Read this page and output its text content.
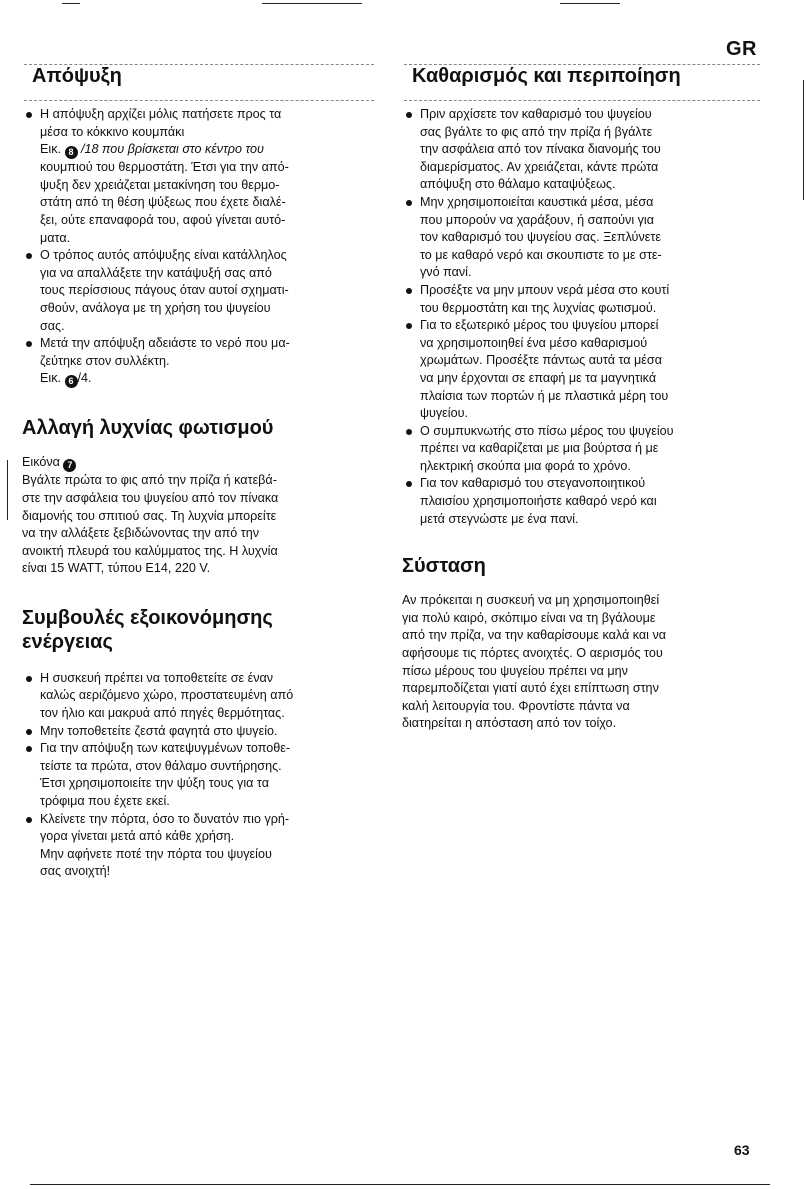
GR
Απόψυξη
Η απόψυξη αρχίζει μόλις πατήσετε προς τα
μέσα το κόκκινο κουμπάκι
Εικ. 8 /18 που βρίσκεται στο κέντρο του
κουμπιού του θερμοστάτη. Έτσι για την από-
ψυξη δεν χρειάζεται μετακίνηση του θερμο-
στάτη από τη θέση ψύξεως που έχετε διαλέ-
ξει, ούτε επαναφορά του, αφού γίνεται αυτό-
ματα.
Ο τρόπος αυτός απόψυξης είναι κατάλληλος
για να απαλλάξετε την κατάψυξή σας από
τους περίσσιους πάγους όταν αυτοί σχηματι-
σθούν, ανάλογα με τη χρήση του ψυγείου
σας.
Μετά την απόψυξη αδειάστε το νερό που μα-
ζεύτηκε στον συλλέκτη.
Εικ. 6 /4.
Αλλαγή λυχνίας φωτισμού
Εικόνα 7
Βγάλτε πρώτα το φις από την πρίζα ή κατεβά-
στε την ασφάλεια του ψυγείου από τον πίνακα
διαμονής του σπιτιού σας. Τη λυχνία μπορείτε
να την αλλάξετε ξεβιδώνοντας την από την
ανοικτή πλευρά του καλύμματος της. Η λυχνία
είναι 15 WATT, τύπου E14, 220 V.
Συμβουλές εξοικονόμησης
ενέργειας
Η συσκευή πρέπει να τοποθετείτε σε έναν
καλώς αεριζόμενο χώρο, προστατευμένη από
τον ήλιο και μακρυά από πηγές θερμότητας.
Μην τοποθετείτε ζεστά φαγητά στο ψυγείο.
Για την απόψυξη των κατεψυγμένων τοποθε-
τείστε τα πρώτα, στον θάλαμο συντήρησης.
Έτσι χρησιμοποιείτε την ψύξη τους για τα
τρόφιμα που έχετε εκεί.
Κλείνετε την πόρτα, όσο το δυνατόν πιο γρή-
γορα γίνεται μετά από κάθε χρήση.
Μην αφήνετε ποτέ την πόρτα του ψυγείου
σας ανοιχτή!
Καθαρισμός και περιποίηση
Πριν αρχίσετε τον καθαρισμό του ψυγείου
σας βγάλτε το φις από την πρίζα ή βγάλτε
την ασφάλεια από τον πίνακα διανομής του
διαμερίσματος. Αν χρειάζεται, κάντε πρώτα
απόψυξη στο θάλαμο καταψύξεως.
Μην χρησιμοποιείται καυστικά μέσα, μέσα
που μπορούν να χαράξουν, ή σαπούνι για
τον καθαρισμό του ψυγείου σας. Ξεπλύνετε
το με καθαρό νερό και σκουπιστε το με στε-
γνό πανί.
Προσέξτε να μην μπουν νερά μέσα στο κουτί
του θερμοστάτη και της λυχνίας φωτισμού.
Για το εξωτερικό μέρος του ψυγείου μπορεί
να χρησιμοποιηθεί ένα μέσο καθαρισμού
χρωμάτων. Προσέξτε πάντως αυτά τα μέσα
να μην έρχονται σε επαφή με τα μαγνητικά
πλαίσια των πορτών ή με πλαστικά μέρη του
ψυγείου.
Ο συμπυκνωτής στο πίσω μέρος του ψυγείου
πρέπει να καθαρίζεται με μια βούρτσα ή με
ηλεκτρική σκούπα μια φορά το χρόνο.
Για τον καθαρισμό του στεγανοποιητικού
πλαισίου χρησιμοποιήστε καθαρό νερό και
μετά στεγνώστε με ένα πανί.
Σύσταση
Αν πρόκειται η συσκευή να μη χρησιμοποιηθεί
για πολύ καιρό, σκόπιμο είναι να τη βγάλουμε
από την πρίζα, να την καθαρίσουμε καλά και να
αφήσουμε τις πόρτες ανοιχτές. Ο αερισμός του
πίσω μέρους του ψυγείου πρέπει να μην
παρεμποδίζεται γιατί αυτό έχει επίπτωση στην
καλή λειτουργία του. Φροντίστε πάντα να
διατηρείται η απόσταση από τον τοίχο.
63
